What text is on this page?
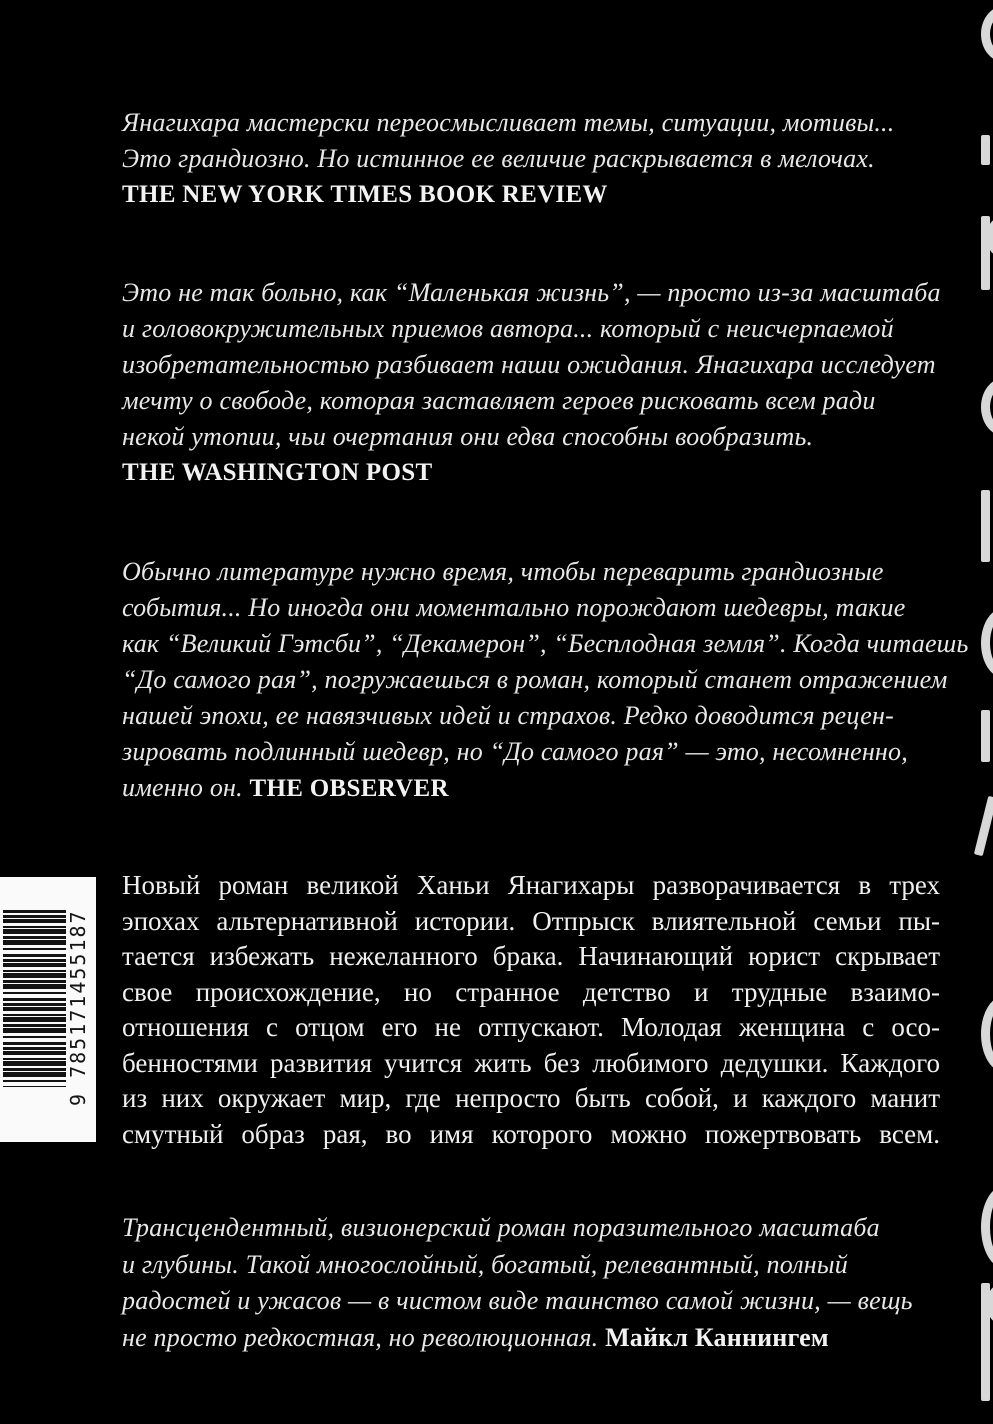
Янагихара мастерски переосмысливает темы, ситуации, мотивы...
Это грандиозно. Но истинное ее величие раскрывается в мелочах.
THE NEW YORK TIMES BOOK REVIEW
Это не так больно, как “Маленькая жизнь”, — просто из-за масштаба
и головокружительных приемов автора... который с неисчерпаемой
изобретательностью разбивает наши ожидания. Янагихара исследует
мечту о свободе, которая заставляет героев рисковать всем ради
некой утопии, чьи очертания они едва способны вообразить.
THE WASHINGTON POST
Обычно литературе нужно время, чтобы переварить грандиозные
события... Но иногда они моментально порождают шедевры, такие
как “Великий Гэтсби”, “Декамерон”, “Бесплодная земля”. Когда читаешь
“До самого рая”, погружаешься в роман, который станет отражением
нашей эпохи, ее навязчивых идей и страхов. Редко доводится рецен-
зировать подлинный шедевр, но “До самого рая” — это, несомненно,
именно он. THE OBSERVER
Новый роман великой Ханьи Янагихары разворачивается в трех
эпохах альтернативной истории. Отпрыск влиятельной семьи пы-
тается избежать нежеланного брака. Начинающий юрист скрывает
свое происхождение, но странное детство и трудные взаимо-
отношения с отцом его не отпускают. Молодая женщина с осо-
бенностями развития учится жить без любимого дедушки. Каждого
из них окружает мир, где непросто быть собой, и каждого манит
смутный образ рая, во имя которого можно пожертвовать всем.
Трансцендентный, визионерский роман поразительного масштаба
и глубины. Такой многослойный, богатый, релевантный, полный
радостей и ужасов — в чистом виде таинство самой жизни, — вещь
не просто редкостная, но революционная. Майкл Каннингем
9 785171455187
